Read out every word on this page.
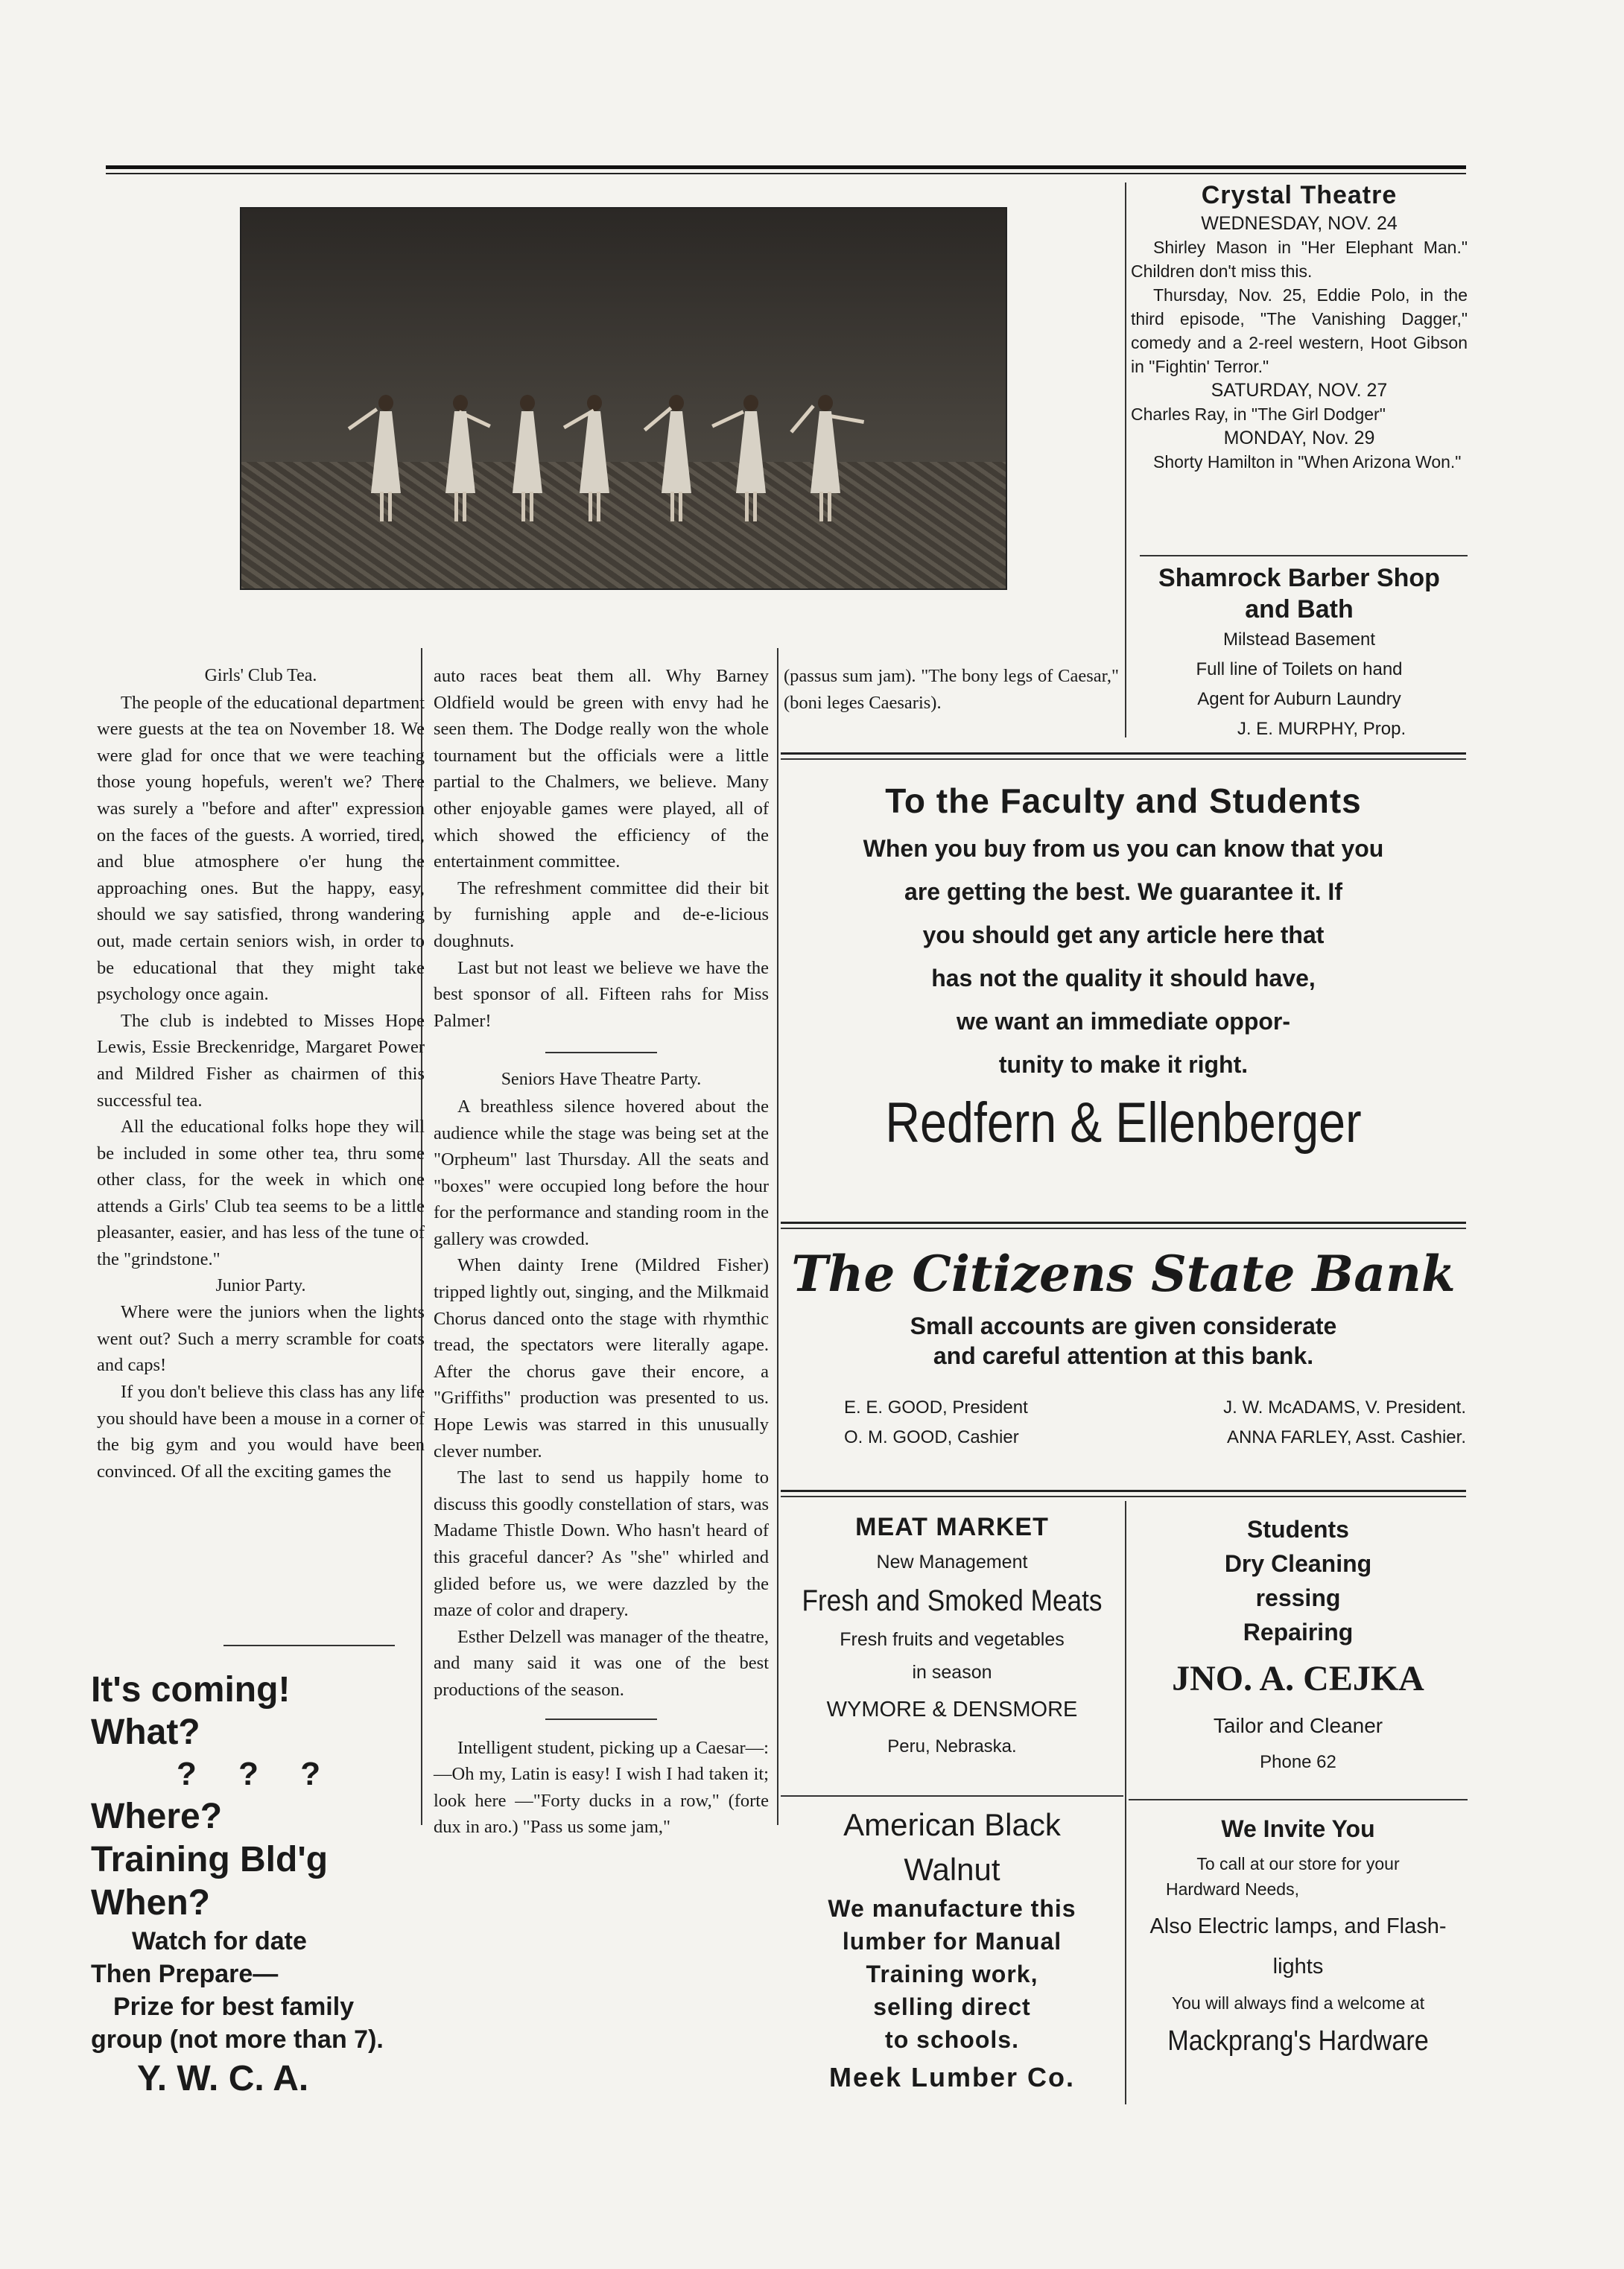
Girls' Club Tea.

The people of the educational department were guests at the tea on November 18. We were glad for once that we were teaching those young hopefuls, weren't we? There was surely a "before and after" expression on the faces of the guests. A worried, tired, and blue atmosphere o'er hung the approaching ones. But the happy, easy, should we say satisfied, throng wandering out, made certain seniors wish, in order to be educational that they might take psychology once again.

The club is indebted to Misses Hope Lewis, Essie Breckenridge, Margaret Power and Mildred Fisher as chairmen of this successful tea.

All the educational folks hope they will be included in some other tea, thru some other class, for the week in which one attends a Girls' Club tea seems to be a little pleasanter, easier, and has less of the tune of the "grindstone."

Junior Party.

Where were the juniors when the lights went out? Such a merry scramble for coats and caps!

If you don't believe this class has any life you should have been a mouse in a corner of the big gym and you would have been convinced. Of all the exciting games the

It's coming!
What?
? ? ?
Where?
Training Bld'g
When?
Watch for date
Then Prepare—
Prize for best family
group (not more than 7).
Y. W. C. A.

auto races beat them all. Why Barney Oldfield would be green with envy had he seen them. The Dodge really won the whole tournament but the officials were a little partial to the Chalmers, we believe. Many other enjoyable games were played, all of which showed the efficiency of the entertainment committee.

The refreshment committee did their bit by furnishing apple and de-e-licious doughnuts.

Last but not least we believe we have the best sponsor of all. Fifteen rahs for Miss Palmer!

Seniors Have Theatre Party.

A breathless silence hovered about the audience while the stage was being set at the "Orpheum" last Thursday. All the seats and "boxes" were occupied long before the hour for the performance and standing room in the gallery was crowded.

When dainty Irene (Mildred Fisher) tripped lightly out, singing, and the Milkmaid Chorus danced onto the stage with rhymthic tread, the spectators were literally agape. After the chorus gave their encore, a "Griffiths" production was presented to us. Hope Lewis was starred in this unusually clever number.

The last to send us happily home to discuss this goodly constellation of stars, was Madame Thistle Down. Who hasn't heard of this graceful dancer? As "she" whirled and glided before us, we were dazzled by the maze of color and drapery.

Esther Delzell was manager of the theatre, and many said it was one of the best productions of the season.

Intelligent student, picking up a Caesar—:—Oh my, Latin is easy! I wish I had taken it; look here —"Forty ducks in a row," (forte dux in aro.) "Pass us some jam,"

(passus sum jam). "The bony legs of Caesar," (boni leges Caesaris).

Crystal Theatre
WEDNESDAY, NOV. 24
Shirley Mason in "Her Elephant Man." Children don't miss this.
Thursday, Nov. 25, Eddie Polo, in the third episode, "The Vanishing Dagger," comedy and a 2-reel western, Hoot Gibson in "Fightin' Terror."
SATURDAY, NOV. 27
Charles Ray, in "The Girl Dodger"
MONDAY, Nov. 29
Shorty Hamilton in "When Arizona Won."
Shamrock Barber Shop
and Bath
Milstead Basement
Full line of Toilets on hand
Agent for Auburn Laundry
J. E. MURPHY, Prop.
To the Faculty and Students
When you buy from us you can know that you
are getting the best. We guarantee it. If
you should get any article here that
has not the quality it should have,
we want an immediate oppor-
tunity to make it right.
Redfern & Ellenberger
The Citizens State Bank
Small accounts are given considerate
and careful attention at this bank.
E. E. GOOD, President
O. M. GOOD, Cashier
J. W. McADAMS, V. President.
ANNA FARLEY, Asst. Cashier.
MEAT MARKET
New Management
Fresh and Smoked Meats
Fresh fruits and vegetables
in season
WYMORE & DENSMORE
Peru, Nebraska.
Students
Dry Cleaning
ressing
Repairing
JNO. A. CEJKA
Tailor and Cleaner
Phone 62
American Black
Walnut
We manufacture this
lumber for Manual
Training work,
selling direct
to schools.
Meek Lumber Co.
We Invite You
To call at our store for your
Hardward Needs,
Also Electric lamps, and Flash-
lights
You will always find a welcome at
Mackprang's Hardware
